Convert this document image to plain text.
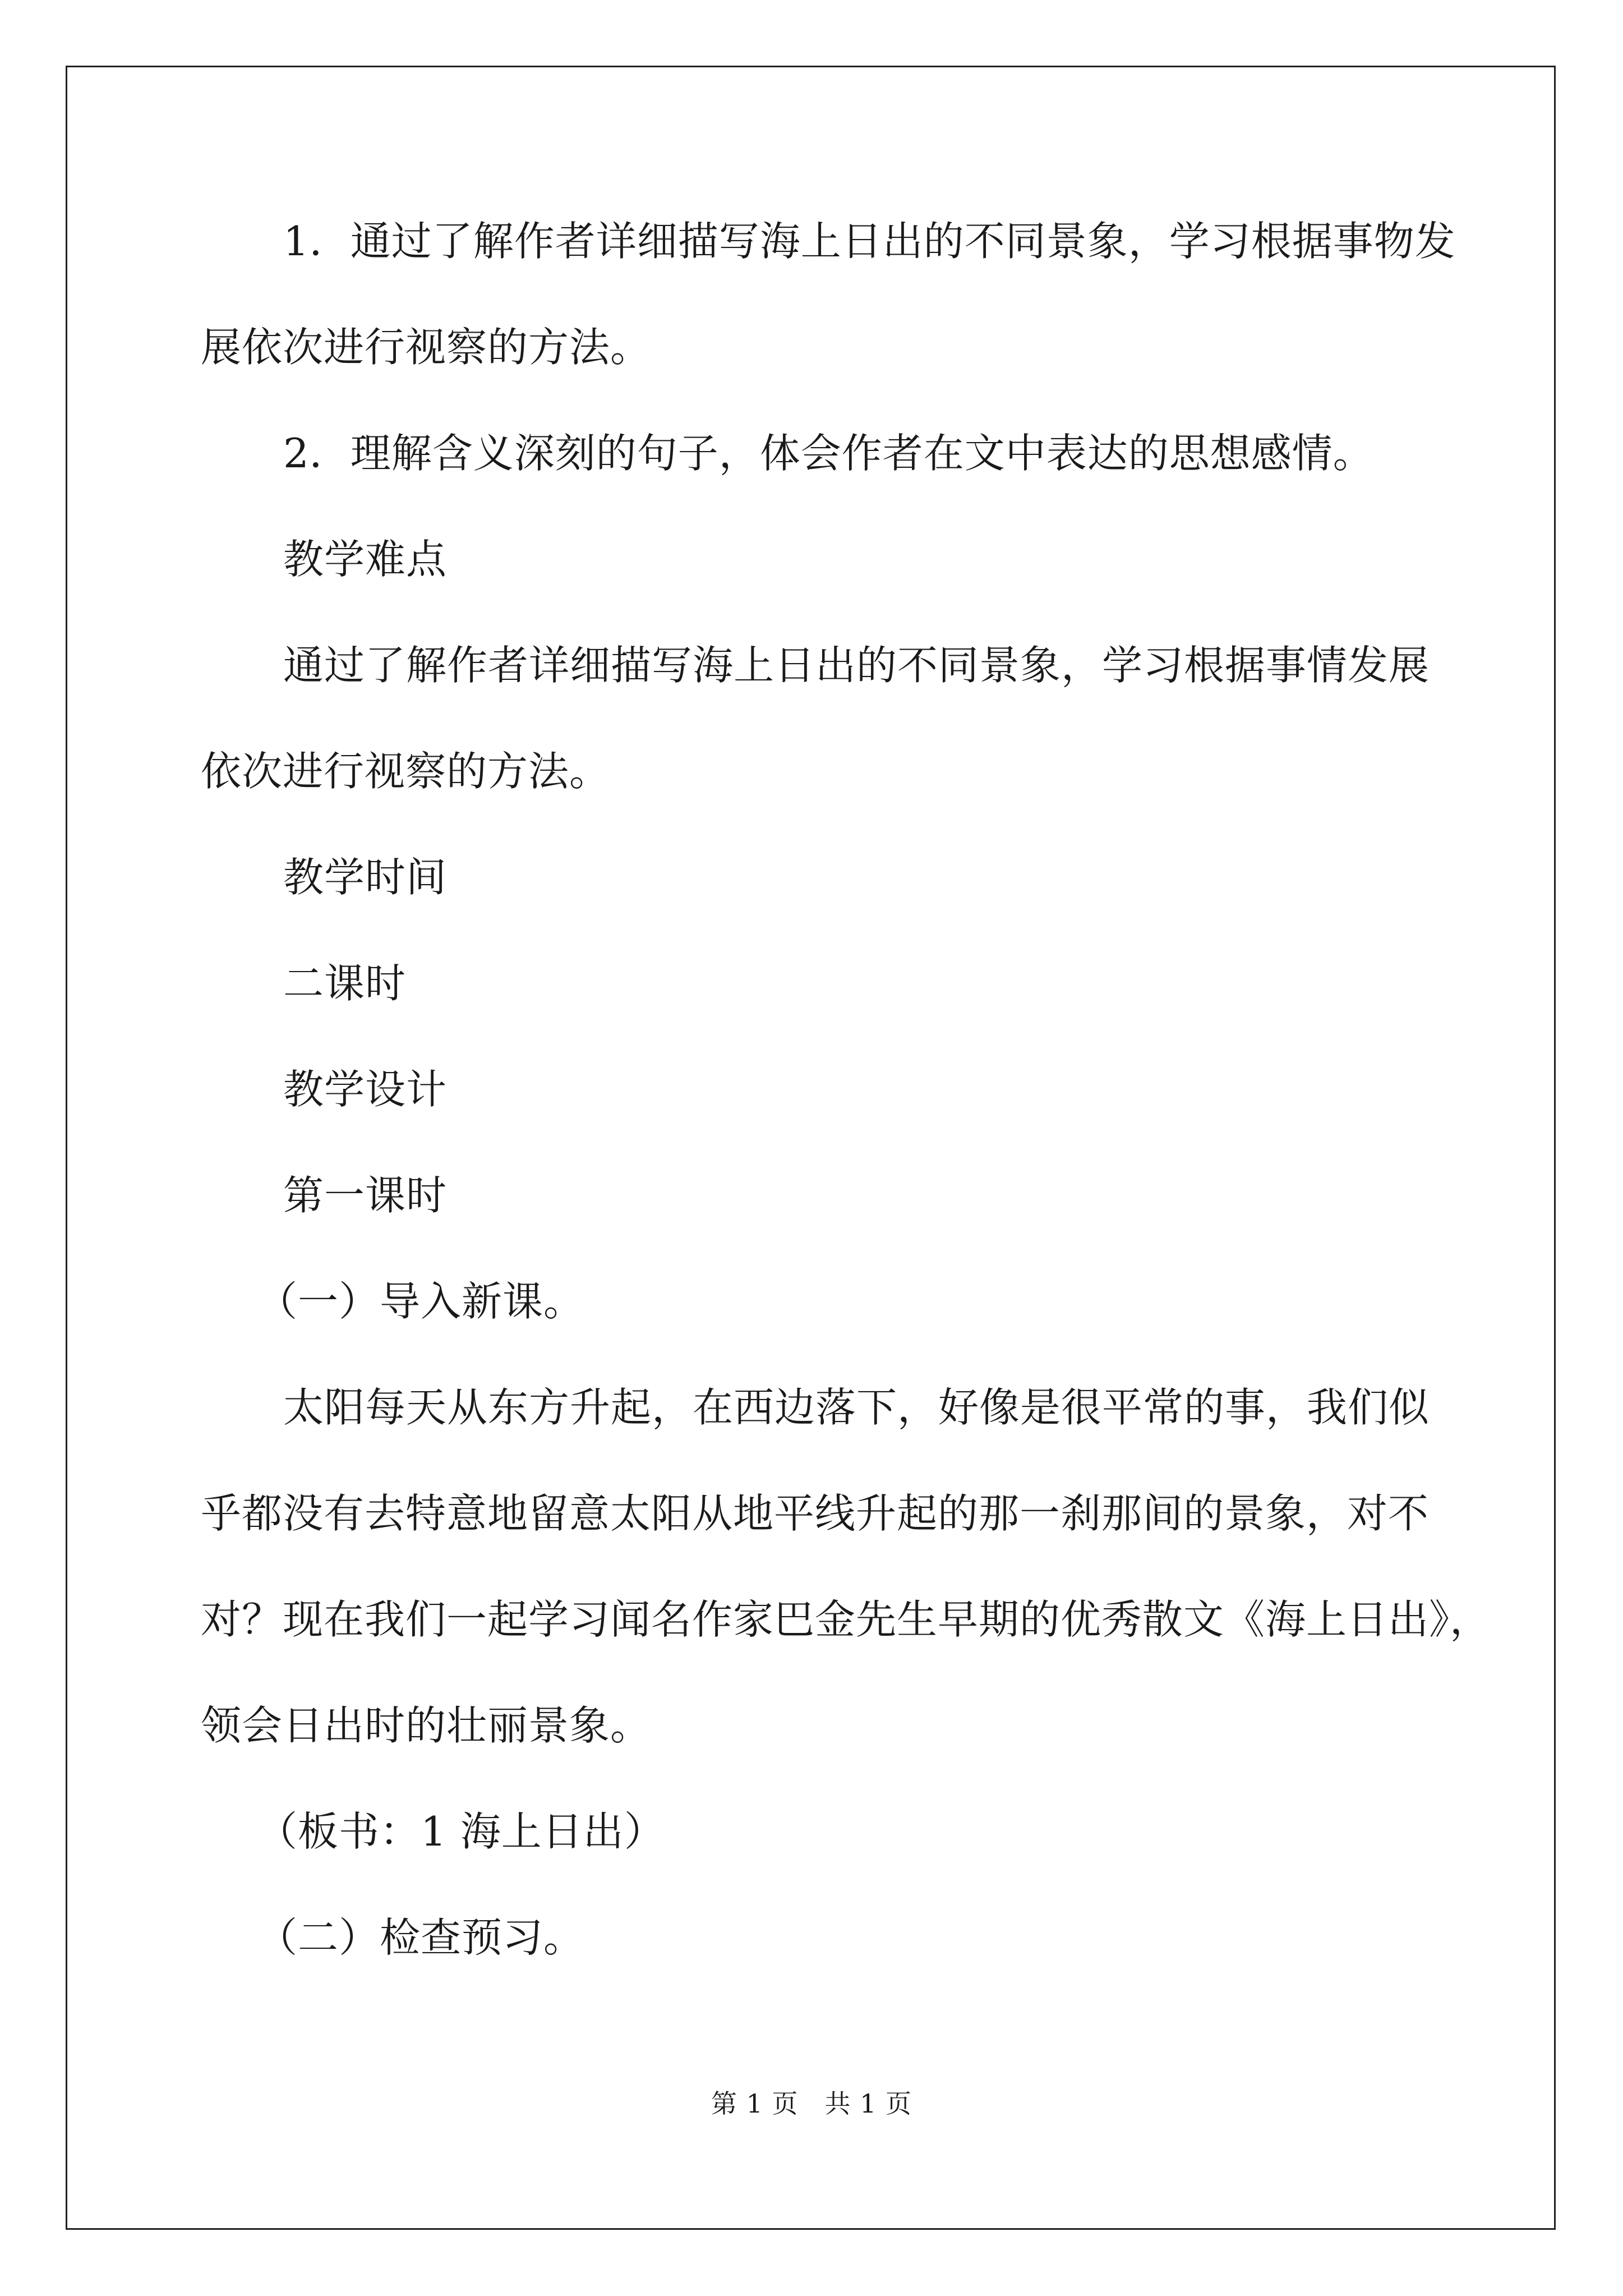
1．通过了解作者详细描写海上日出的不同景象，学习根据事物发
展依次进行视察的方法。
2．理解含义深刻的句子，体会作者在文中表达的思想感情。
教学难点
通过了解作者详细描写海上日出的不同景象，学习根据事情发展
依次进行视察的方法。
教学时间
二课时
教学设计
第一课时
（一）导入新课。
太阳每天从东方升起，在西边落下，好像是很平常的事，我们似
乎都没有去特意地留意太阳从地平线升起的那一刹那间的景象，对不
对？现在我们一起学习闻名作家巴金先生早期的优秀散文《海上日出》，
领会日出时的壮丽景象。
（板书：1 海上日出）
（二）检查预习。
第 1 页　共 1 页
